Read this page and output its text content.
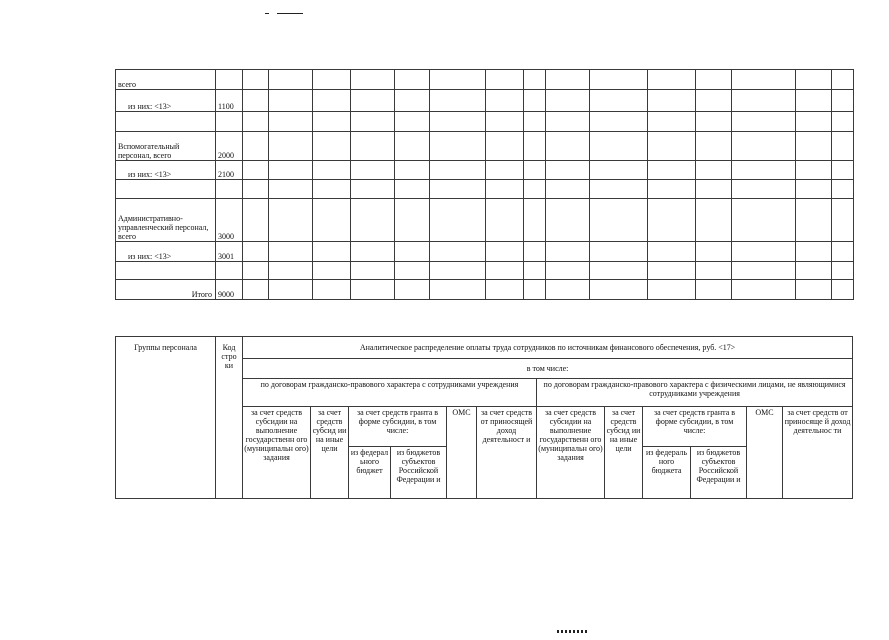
всего																
из них: <13>	1100															

Вспомогательный персонал, всего	2000															
из них: <13>	2100															

Административно-управленческий персонал, всего	3000															
из них: <13>	3001															

Итого	9000															
Группы персонала	Код стро ки	Аналитическое распределение оплаты труда сотрудников по источникам финансового обеспечения, руб. <17>											
		в том числе:											
		по договорам гражданско-правового характера с сотрудниками учреждения						по договорам гражданско-правового характера с физическими лицами, не являющимися сотрудниками учреждения					
		за счет средств субсидии на выполнение государственн ого (муниципальн ого) задания	за счет средств субсид ии на иные цели	за счет средств гранта в форме субсидии, в том числе:		ОМС	за счет средств от приносящей доход деятельност и	за счет средств субсидии на выполнение государственн ого (муниципальн ого) задания	за счет средств субсид ии на иные цели	за счет средств гранта в форме субсидии, в том числе:		ОМС	за счет средств от приносяще й доход деятельнос ти
				из федерал ьного бюджет	из бюджетов субъектов Российской Федерации и					из федераль ного бюджета	из бюджетов субъектов Российской Федерации и		
